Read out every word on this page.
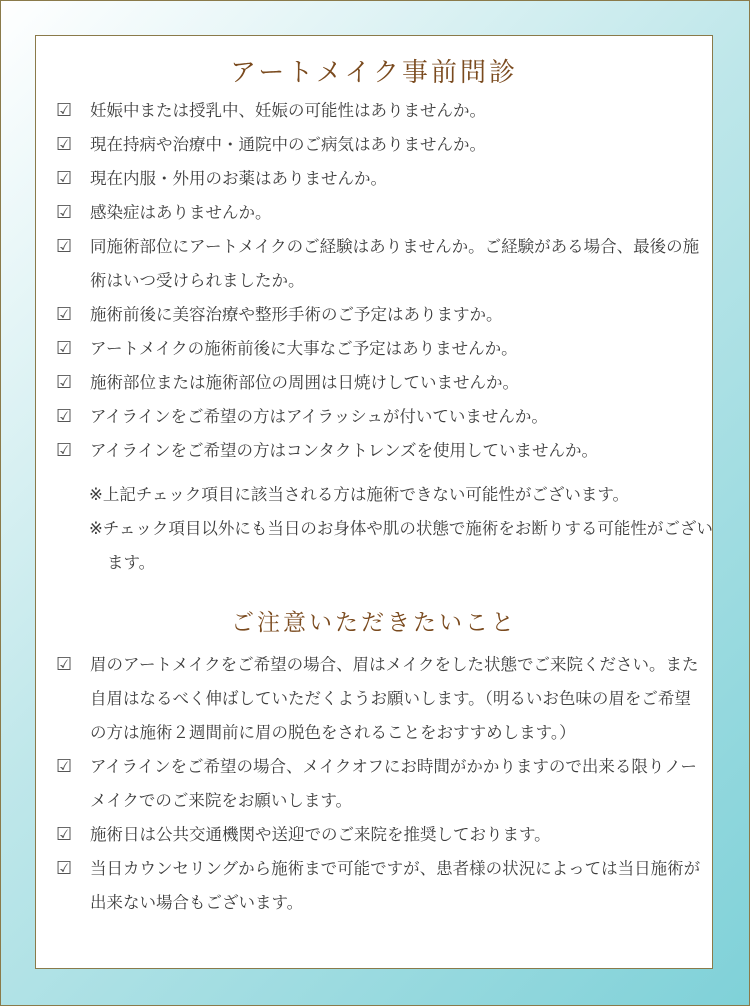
アートメイク事前問診
☑ 妊娠中または授乳中、妊娠の可能性はありませんか。
☑ 現在持病や治療中・通院中のご病気はありませんか。
☑ 現在内服・外用のお薬はありませんか。
☑ 感染症はありませんか。
☑ 同施術部位にアートメイクのご経験はありませんか。ご経験がある場合、最後の施術はいつ受けられましたか。
☑ 施術前後に美容治療や整形手術のご予定はありますか。
☑ アートメイクの施術前後に大事なご予定はありませんか。
☑ 施術部位または施術部位の周囲は日焼けしていませんか。
☑ アイラインをご希望の方はアイラッシュが付いていませんか。
☑ アイラインをご希望の方はコンタクトレンズを使用していませんか。
※上記チェック項目に該当される方は施術できない可能性がございます。
※チェック項目以外にも当日のお身体や肌の状態で施術をお断りする可能性がございます。
ご注意いただきたいこと
☑ 眉のアートメイクをご希望の場合、眉はメイクをした状態でご来院ください。また自眉はなるべく伸ばしていただくようお願いします。（明るいお色味の眉をご希望の方は施術２週間前に眉の脱色をされることをおすすめします。）
☑ アイラインをご希望の場合、メイクオフにお時間がかかりますので出来る限りノーメイクでのご来院をお願いします。
☑ 施術日は公共交通機関や送迎でのご来院を推奨しております。
☑ 当日カウンセリングから施術まで可能ですが、患者様の状況によっては当日施術が出来ない場合もございます。
